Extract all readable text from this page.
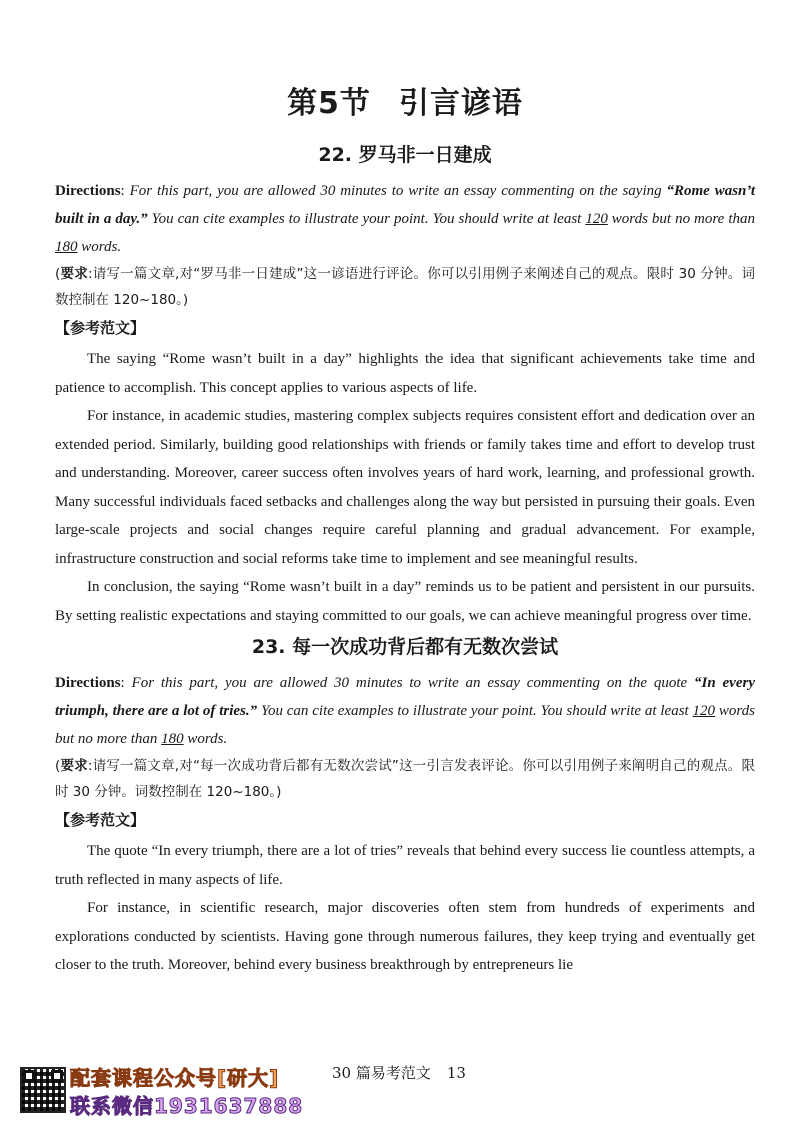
第5节 引言谚语
22. 罗马非一日建成

Directions: For this part, you are allowed 30 minutes to write an essay commenting on the saying “Rome wasn’t built in a day.” You can cite examples to illustrate your point. You should write at least 120 words but no more than 180 words.

(要求:请写一篇文章,对“罗马非一日建成”这一谚语进行评论。你可以引用例子来阐述自己的观点。限时 30 分钟。词数控制在 120~180。)

【参考范文】

The saying “Rome wasn’t built in a day” highlights the idea that significant achievements take time and patience to accomplish. This concept applies to various aspects of life.

For instance, in academic studies, mastering complex subjects requires consistent effort and dedication over an extended period. Similarly, building good relationships with friends or family takes time and effort to develop trust and understanding. Moreover, career success often involves years of hard work, learning, and professional growth. Many successful individuals faced setbacks and challenges along the way but persisted in pursuing their goals. Even large-scale projects and social changes require careful planning and gradual advancement. For example, infrastructure construction and social reforms take time to implement and see meaningful results.

In conclusion, the saying “Rome wasn’t built in a day” reminds us to be patient and persistent in our pursuits. By setting realistic expectations and staying committed to our goals, we can achieve meaningful progress over time.

23. 每一次成功背后都有无数次尝试

Directions: For this part, you are allowed 30 minutes to write an essay commenting on the quote “In every triumph, there are a lot of tries.” You can cite examples to illustrate your point. You should write at least 120 words but no more than 180 words.

(要求:请写一篇文章,对“每一次成功背后都有无数次尝试”这一引言发表评论。你可以引用例子来阐明自己的观点。限时 30 分钟。词数控制在 120~180。)

【参考范文】

The quote “In every triumph, there are a lot of tries” reveals that behind every success lie countless attempts, a truth reflected in many aspects of life.

For instance, in scientific research, major discoveries often stem from hundreds of experiments and explorations conducted by scientists. Having gone through numerous failures, they keep trying and eventually get closer to the truth. Moreover, behind every business breakthrough by entrepreneurs lie

配套课程公众号[研大]
联系微信1931637888
30 篇易考范文 13
